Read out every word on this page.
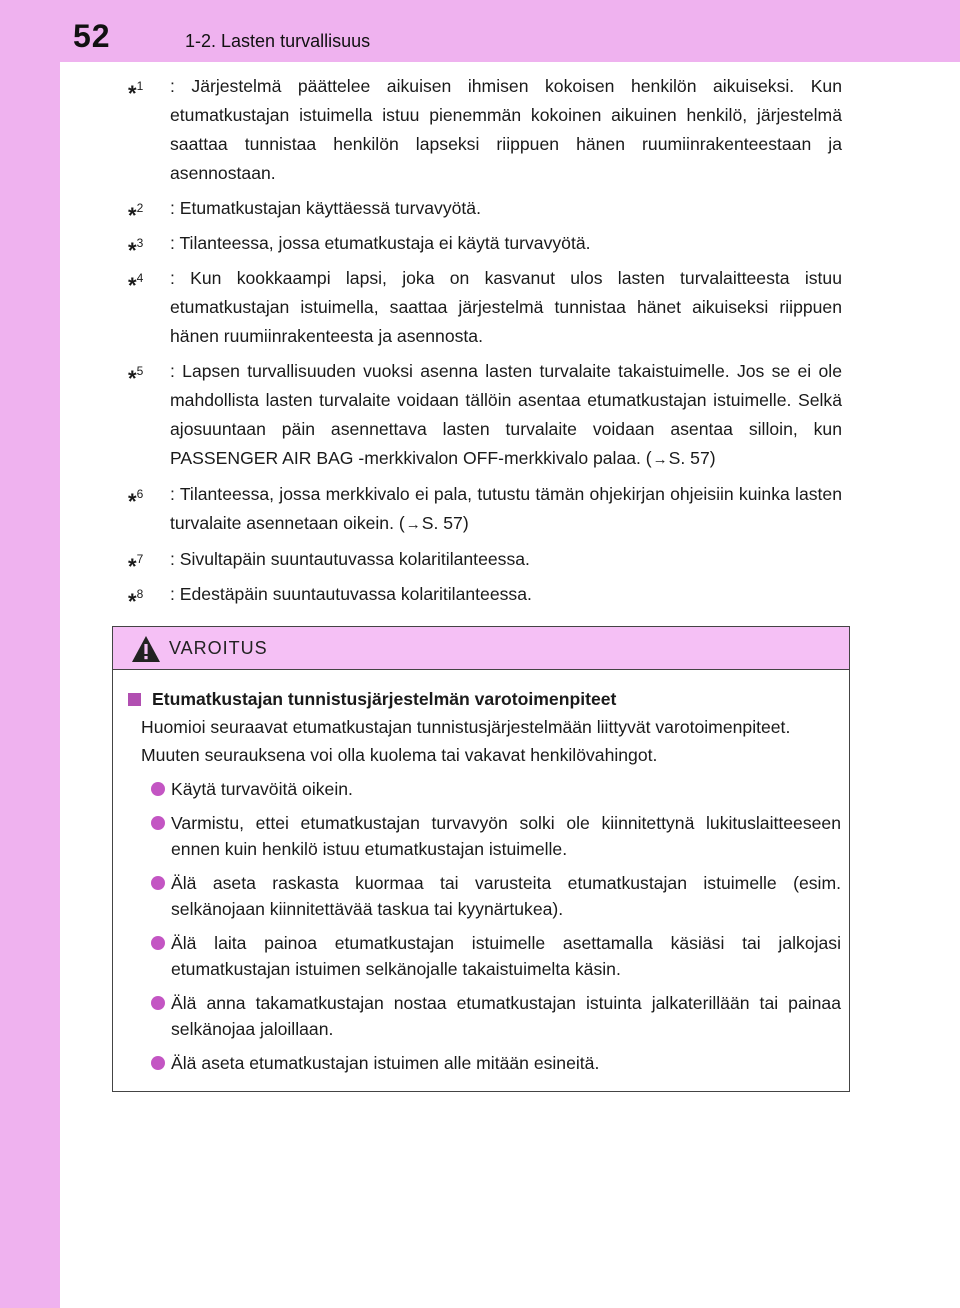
52	1-2. Lasten turvallisuus
*$^1$ : Järjestelmä päättelee aikuisen ihmisen kokoisen henkilön aikuiseksi. Kun etumatkustajan istuimella istuu pienemmän kokoinen aikuinen henkilö, järjestelmä saattaa tunnistaa henkilön lapseksi riippuen hänen ruumiinrakenteestaan ja asennostaan.
*$^2$ : Etumatkustajan käyttäessä turvavyötä.
*$^3$ : Tilanteessa, jossa etumatkustaja ei käytä turvavyötä.
*$^4$ : Kun kookkaampi lapsi, joka on kasvanut ulos lasten turvalaitteesta istuu etumatkustajan istuimella, saattaa järjestelmä tunnistaa hänet aikuiseksi riippuen hänen ruumiinrakenteesta ja asennosta.
*$^5$ : Lapsen turvallisuuden vuoksi asenna lasten turvalaite takaistuimelle. Jos se ei ole mahdollista lasten turvalaite voidaan tällöin asentaa etumatkustajan istuimelle. Selkä ajosuuntaan päin asennettava lasten turvalaite voidaan asentaa silloin, kun PASSENGER AIR BAG -merkkivalon OFF-merkkivalo palaa. (→S. 57)
*$^6$ : Tilanteessa, jossa merkkivalo ei pala, tutustu tämän ohjekirjan ohjeisiin kuinka lasten turvalaite asennetaan oikein. (→S. 57)
*$^7$ : Sivultapäin suuntautuvassa kolaritilanteessa.
*$^8$ : Edestäpäin suuntautuvassa kolaritilanteessa.
VAROITUS
Etumatkustajan tunnistusjärjestelmän varotoimenpiteet
Huomioi seuraavat etumatkustajan tunnistusjärjestelmään liittyvät varotoimenpiteet.
Muuten seurauksena voi olla kuolema tai vakavat henkilövahingot.
Käytä turvavöitä oikein.
Varmistu, ettei etumatkustajan turvavyön solki ole kiinnitettynä lukituslaitteeseen ennen kuin henkilö istuu etumatkustajan istuimelle.
Älä aseta raskasta kuormaa tai varusteita etumatkustajan istuimelle (esim. selkänojaan kiinnitettävää taskua tai kyynärtukea).
Älä laita painoa etumatkustajan istuimelle asettamalla käsiäsi tai jalkojasi etumatkustajan istuimen selkänojalle takaistuimelta käsin.
Älä anna takamatkustajan nostaa etumatkustajan istuinta jalkaterillään tai painaa selkänojaa jaloillaan.
Älä aseta etumatkustajan istuimen alle mitään esineitä.
